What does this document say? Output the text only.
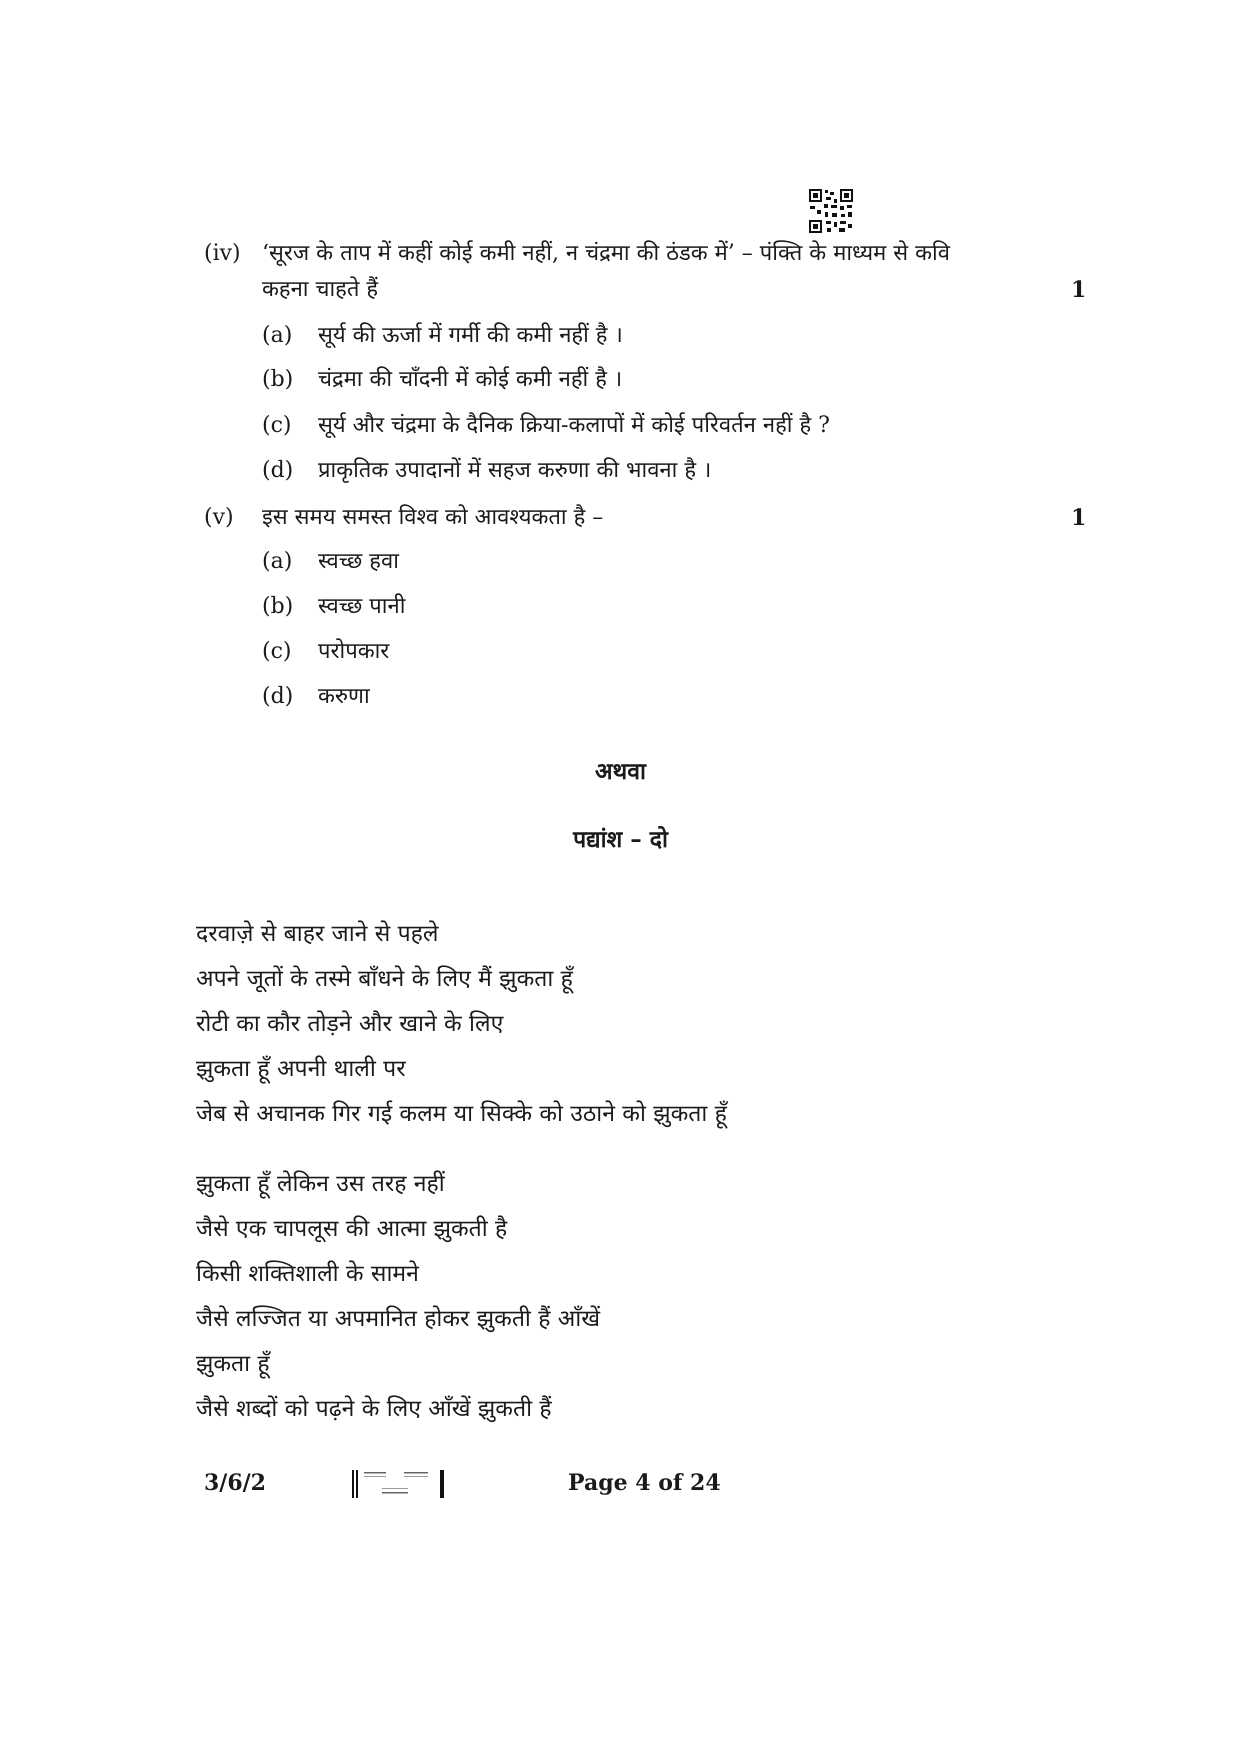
(iv) ‘सूरज के ताप में कहीं कोई कमी नहीं, न चंद्रमा की ठंडक में’ – पंक्ति के माध्यम से कवि
कहना चाहते हैं	1
(a) सूर्य की ऊर्जा में गर्मी की कमी नहीं है ।
(b) चंद्रमा की चाँदनी में कोई कमी नहीं है ।
(c) सूर्य और चंद्रमा के दैनिक क्रिया-कलापों में कोई परिवर्तन नहीं है ?
(d) प्राकृतिक उपादानों में सहज करुणा की भावना है ।
(v) इस समय समस्त विश्व को आवश्यकता है –	1
(a) स्वच्छ हवा
(b) स्वच्छ पानी
(c) परोपकार
(d) करुणा
अथवा
पद्यांश – दो
दरवाज़े से बाहर जाने से पहले
अपने जूतों के तस्मे बाँधने के लिए मैं झुकता हूँ
रोटी का कौर तोड़ने और खाने के लिए
झुकता हूँ अपनी थाली पर
जेब से अचानक गिर गई कलम या सिक्के को उठाने को झुकता हूँ
झुकता हूँ लेकिन उस तरह नहीं
जैसे एक चापलूस की आत्मा झुकती है
किसी शक्तिशाली के सामने
जैसे लज्जित या अपमानित होकर झुकती हैं आँखें
झुकता हूँ
जैसे शब्दों को पढ़ने के लिए आँखें झुकती हैं
3/6/2	Page 4 of 24
